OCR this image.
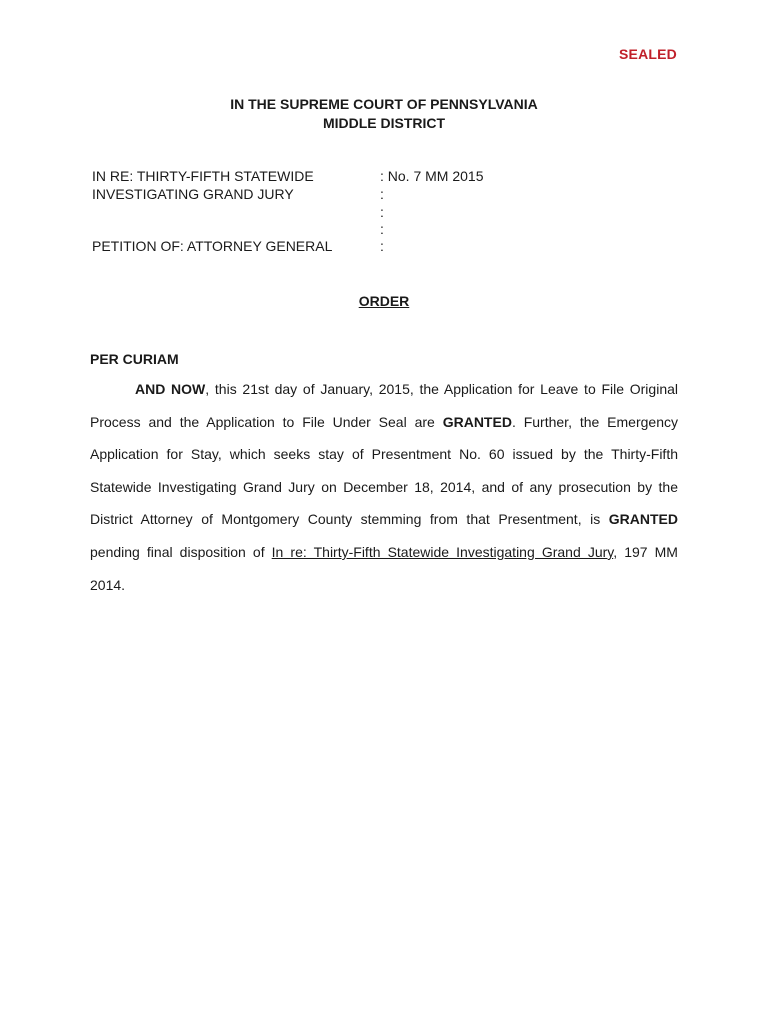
SEALED
IN THE SUPREME COURT OF PENNSYLVANIA
MIDDLE DISTRICT
IN RE: THIRTY-FIFTH STATEWIDE	: No. 7 MM 2015
INVESTIGATING GRAND JURY	:
:
:
PETITION OF: ATTORNEY GENERAL	:
ORDER
PER CURIAM

AND NOW, this 21st day of January, 2015, the Application for Leave to File Original Process and the Application to File Under Seal are GRANTED. Further, the Emergency Application for Stay, which seeks stay of Presentment No. 60 issued by the Thirty-Fifth Statewide Investigating Grand Jury on December 18, 2014, and of any prosecution by the District Attorney of Montgomery County stemming from that Presentment, is GRANTED pending final disposition of In re: Thirty-Fifth Statewide Investigating Grand Jury, 197 MM 2014.
